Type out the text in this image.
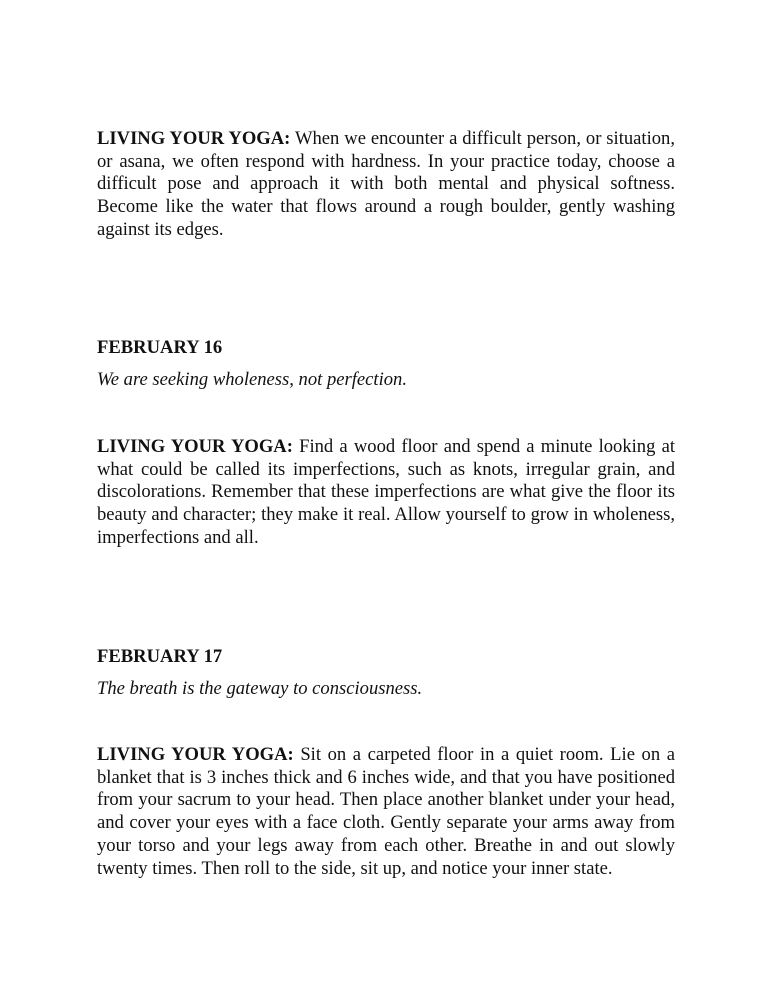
LIVING YOUR YOGA: When we encounter a difficult person, or situation, or asana, we often respond with hardness. In your practice today, choose a difficult pose and approach it with both mental and physical softness. Become like the water that flows around a rough boulder, gently washing against its edges.

FEBRUARY 16

We are seeking wholeness, not perfection.

LIVING YOUR YOGA: Find a wood floor and spend a minute looking at what could be called its imperfections, such as knots, irregular grain, and discolorations. Remember that these imperfections are what give the floor its beauty and character; they make it real. Allow yourself to grow in wholeness, imperfections and all.

FEBRUARY 17

The breath is the gateway to consciousness.

LIVING YOUR YOGA: Sit on a carpeted floor in a quiet room. Lie on a blanket that is 3 inches thick and 6 inches wide, and that you have positioned from your sacrum to your head. Then place another blanket under your head, and cover your eyes with a face cloth. Gently separate your arms away from your torso and your legs away from each other. Breathe in and out slowly twenty times. Then roll to the side, sit up, and notice your inner state.
